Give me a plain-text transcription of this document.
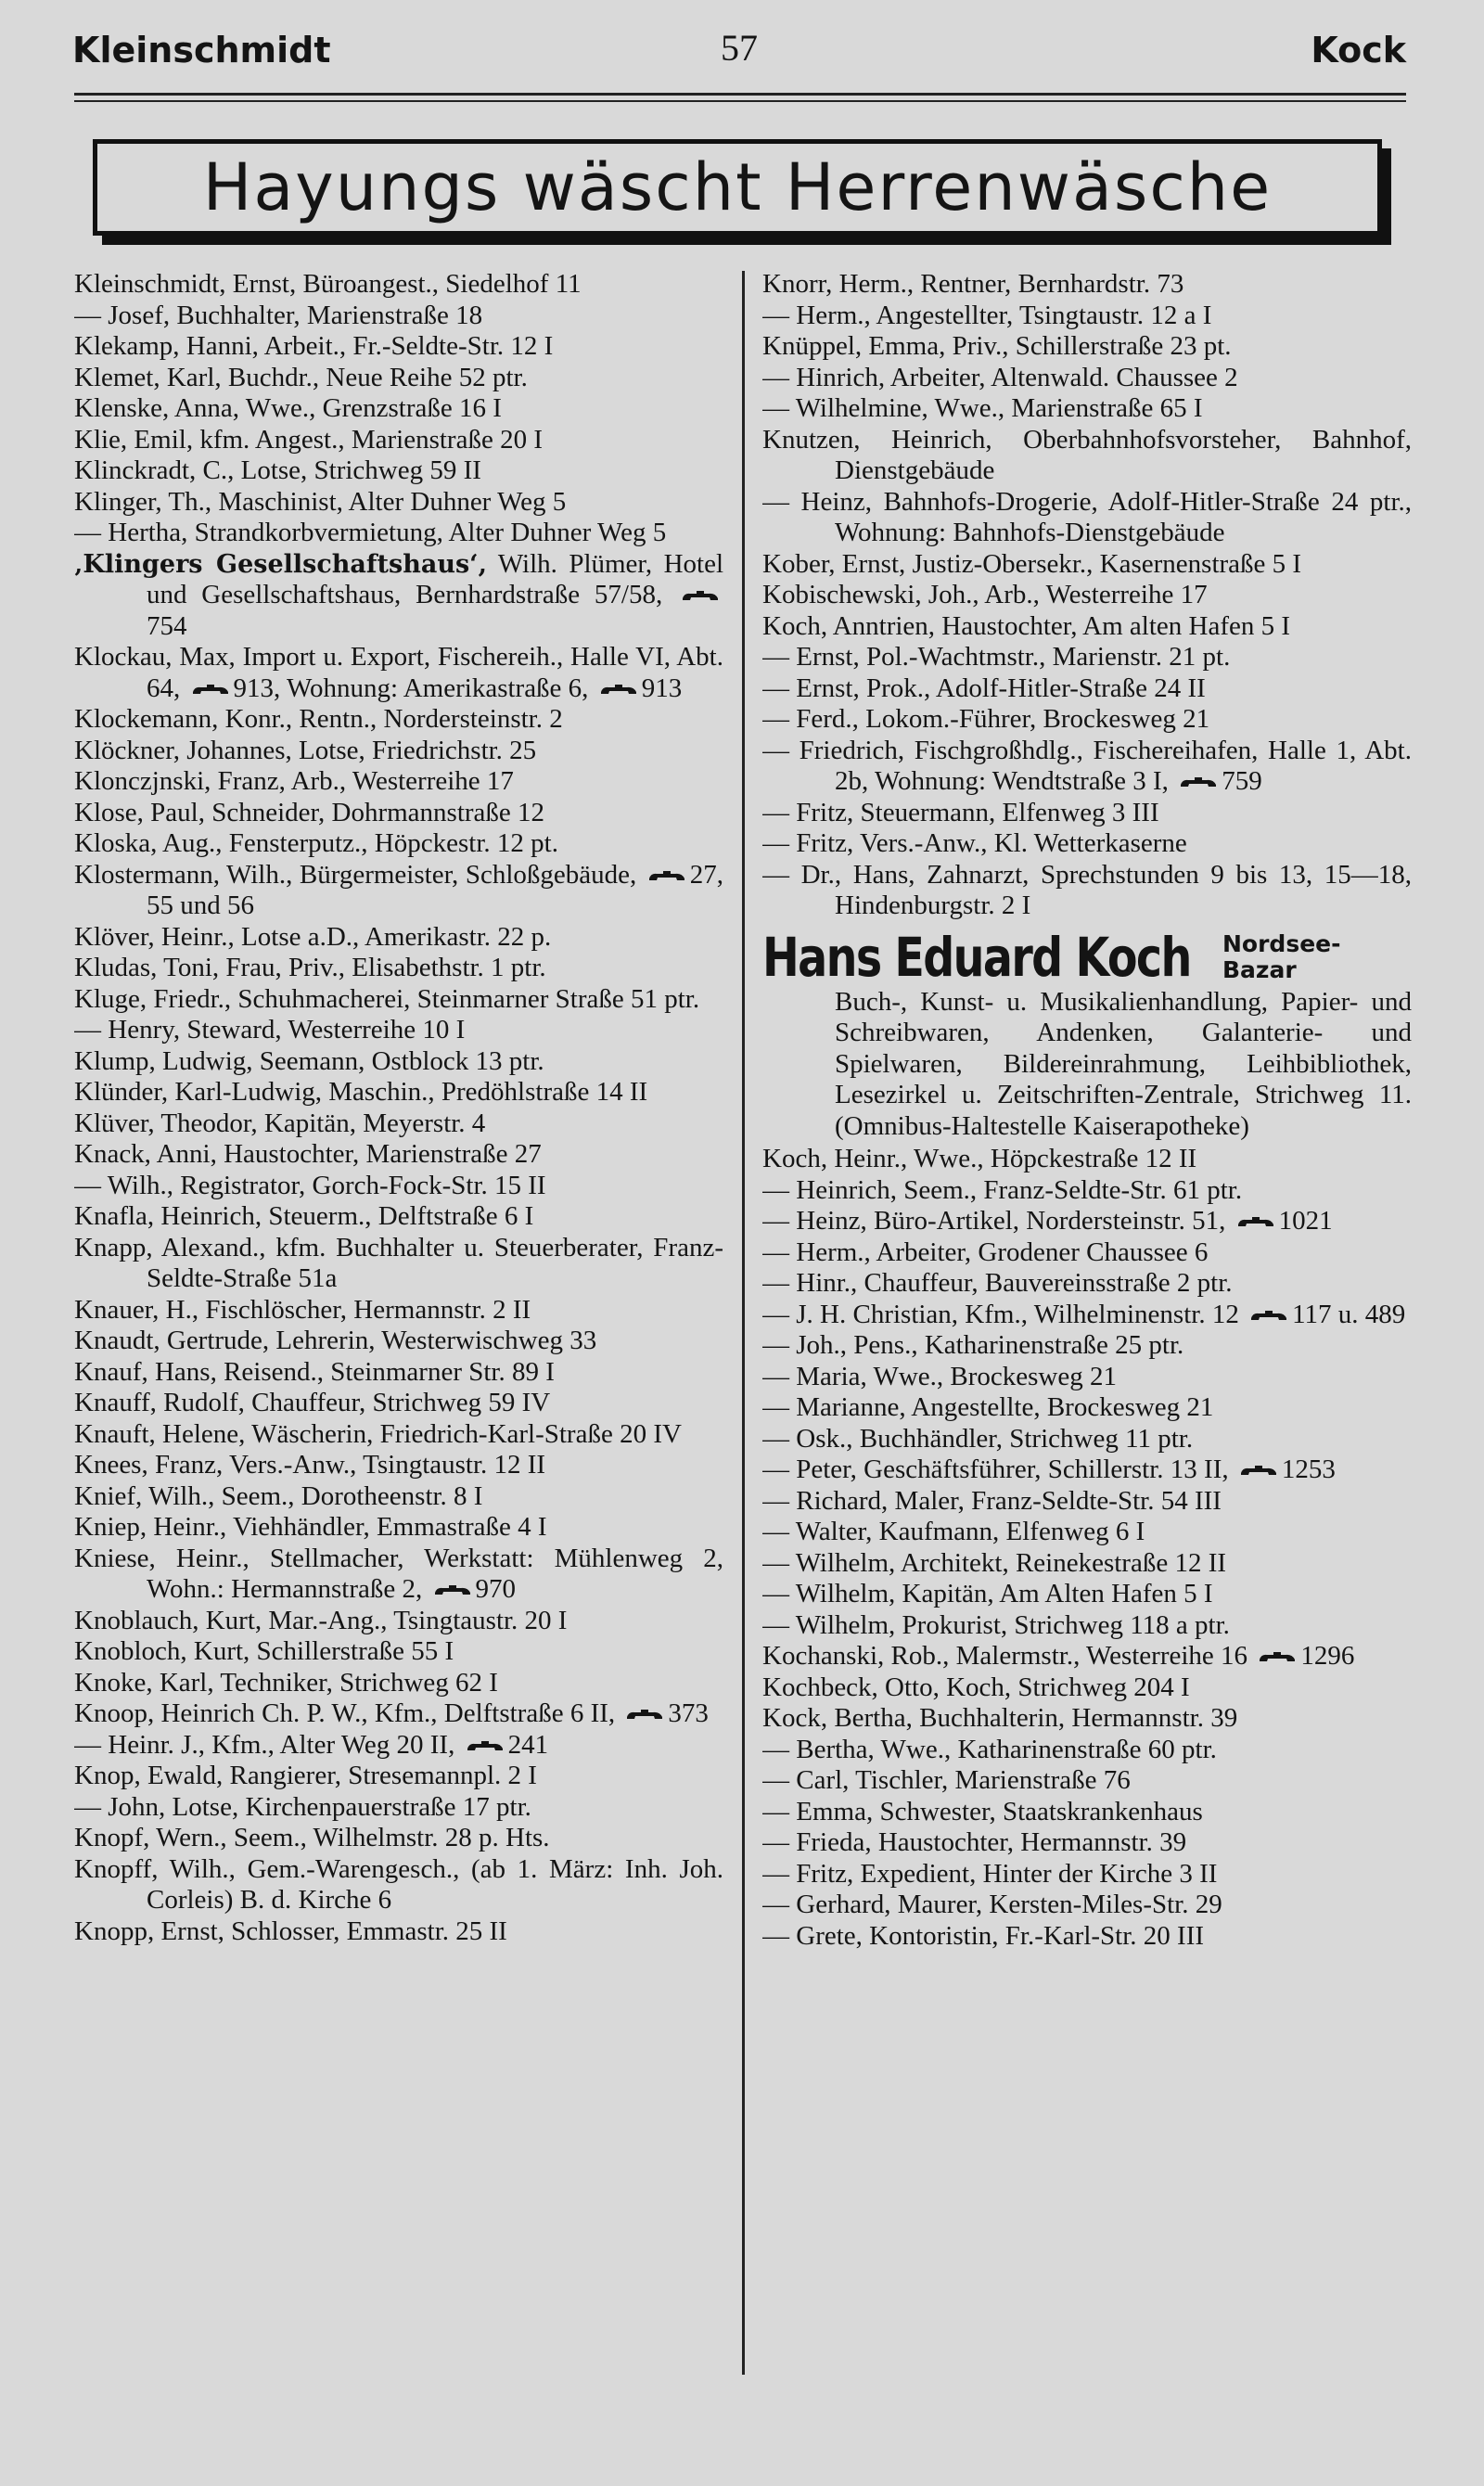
Kleinschmidt	57	Kock
Hayungs wäscht Herrenwäsche
Kleinschmidt, Ernst, Büroangest., Siedelhof 11
— Josef, Buchhalter, Marienstraße 18
Klekamp, Hanni, Arbeit., Fr.-Seldte-Str. 12 I
Klemet, Karl, Buchdr., Neue Reihe 52 ptr.
Klenske, Anna, Wwe., Grenzstraße 16 I
Klie, Emil, kfm. Angest., Marienstraße 20 I
Klinckradt, C., Lotse, Strichweg 59 II
Klinger, Th., Maschinist, Alter Duhner Weg 5
— Hertha, Strandkorbvermietung, Alter Duhner Weg 5
‚Klingers Gesellschaftshaus‘, Wilh. Plümer, Hotel und Gesellschaftshaus, Bernhardstraße 57/58, 754
Klockau, Max, Import u. Export, Fischereih., Halle VI, Abt. 64, 913, Wohnung: Amerikastraße 6, 913
Klockemann, Konr., Rentn., Nordersteinstr. 2
Klöckner, Johannes, Lotse, Friedrichstr. 25
Klonczjnski, Franz, Arb., Westerreihe 17
Klose, Paul, Schneider, Dohrmannstraße 12
Kloska, Aug., Fensterputz., Höpckestr. 12 pt.
Klostermann, Wilh., Bürgermeister, Schloßgebäude, 27, 55 und 56
Klöver, Heinr., Lotse a.D., Amerikastr. 22 p.
Kludas, Toni, Frau, Priv., Elisabethstr. 1 ptr.
Kluge, Friedr., Schuhmacherei, Steinmarner Straße 51 ptr.
— Henry, Steward, Westerreihe 10 I
Klump, Ludwig, Seemann, Ostblock 13 ptr.
Klünder, Karl-Ludwig, Maschin., Predöhlstraße 14 II
Klüver, Theodor, Kapitän, Meyerstr. 4
Knack, Anni, Haustochter, Marienstraße 27
— Wilh., Registrator, Gorch-Fock-Str. 15 II
Knafla, Heinrich, Steuerm., Delftstraße 6 I
Knapp, Alexand., kfm. Buchhalter u. Steuerberater, Franz-Seldte-Straße 51a
Knauer, H., Fischlöscher, Hermannstr. 2 II
Knaudt, Gertrude, Lehrerin, Westerwischweg 33
Knauf, Hans, Reisend., Steinmarner Str. 89 I
Knauff, Rudolf, Chauffeur, Strichweg 59 IV
Knauft, Helene, Wäscherin, Friedrich-Karl-Straße 20 IV
Knees, Franz, Vers.-Anw., Tsingtaustr. 12 II
Knief, Wilh., Seem., Dorotheenstr. 8 I
Kniep, Heinr., Viehhändler, Emmastraße 4 I
Kniese, Heinr., Stellmacher, Werkstatt: Mühlenweg 2, Wohn.: Hermannstraße 2, 970
Knoblauch, Kurt, Mar.-Ang., Tsingtaustr. 20 I
Knobloch, Kurt, Schillerstraße 55 I
Knoke, Karl, Techniker, Strichweg 62 I
Knoop, Heinrich Ch. P. W., Kfm., Delftstraße 6 II, 373
— Heinr. J., Kfm., Alter Weg 20 II, 241
Knop, Ewald, Rangierer, Stresemannpl. 2 I
— John, Lotse, Kirchenpauerstraße 17 ptr.
Knopf, Wern., Seem., Wilhelmstr. 28 p. Hts.
Knopff, Wilh., Gem.-Warengesch., (ab 1. März: Inh. Joh. Corleis) B. d. Kirche 6
Knopp, Ernst, Schlosser, Emmastr. 25 II
Knorr, Herm., Rentner, Bernhardstr. 73
— Herm., Angestellter, Tsingtaustr. 12 a I
Knüppel, Emma, Priv., Schillerstraße 23 pt.
— Hinrich, Arbeiter, Altenwald. Chaussee 2
— Wilhelmine, Wwe., Marienstraße 65 I
Knutzen, Heinrich, Oberbahnhofsvorsteher, Bahnhof, Dienstgebäude
— Heinz, Bahnhofs-Drogerie, Adolf-Hitler-Straße 24 ptr., Wohnung: Bahnhofs-Dienstgebäude
Kober, Ernst, Justiz-Obersekr., Kasernenstraße 5 I
Kobischewski, Joh., Arb., Westerreihe 17
Koch, Anntrien, Haustochter, Am alten Hafen 5 I
— Ernst, Pol.-Wachtmstr., Marienstr. 21 pt.
— Ernst, Prok., Adolf-Hitler-Straße 24 II
— Ferd., Lokom.-Führer, Brockesweg 21
— Friedrich, Fischgroßhdlg., Fischereihafen, Halle 1, Abt. 2b, Wohnung: Wendtstraße 3 I, 759
— Fritz, Steuermann, Elfenweg 3 III
— Fritz, Vers.-Anw., Kl. Wetterkaserne
— Dr., Hans, Zahnarzt, Sprechstunden 9 bis 13, 15—18, Hindenburgstr. 2 I
Hans Eduard Koch Nordsee-Bazar
Buch-, Kunst- u. Musikalienhandlung, Papier- und Schreibwaren, Andenken, Galanterie- und Spielwaren, Bildereinrahmung, Leihbibliothek, Lesezirkel u. Zeitschriften-Zentrale, Strichweg 11. (Omnibus-Haltestelle Kaiserapotheke)
Koch, Heinr., Wwe., Höpckestraße 12 II
— Heinrich, Seem., Franz-Seldte-Str. 61 ptr.
— Heinz, Büro-Artikel, Nordersteinstr. 51, 1021
— Herm., Arbeiter, Grodener Chaussee 6
— Hinr., Chauffeur, Bauvereinsstraße 2 ptr.
— J. H. Christian, Kfm., Wilhelminenstr. 12 117 u. 489
— Joh., Pens., Katharinenstraße 25 ptr.
— Maria, Wwe., Brockesweg 21
— Marianne, Angestellte, Brockesweg 21
— Osk., Buchhändler, Strichweg 11 ptr.
— Peter, Geschäftsführer, Schillerstr. 13 II, 1253
— Richard, Maler, Franz-Seldte-Str. 54 III
— Walter, Kaufmann, Elfenweg 6 I
— Wilhelm, Architekt, Reinekestraße 12 II
— Wilhelm, Kapitän, Am Alten Hafen 5 I
— Wilhelm, Prokurist, Strichweg 118 a ptr.
Kochanski, Rob., Malermstr., Westerreihe 16 1296
Kochbeck, Otto, Koch, Strichweg 204 I
Kock, Bertha, Buchhalterin, Hermannstr. 39
— Bertha, Wwe., Katharinenstraße 60 ptr.
— Carl, Tischler, Marienstraße 76
— Emma, Schwester, Staatskrankenhaus
— Frieda, Haustochter, Hermannstr. 39
— Fritz, Expedient, Hinter der Kirche 3 II
— Gerhard, Maurer, Kersten-Miles-Str. 29
— Grete, Kontoristin, Fr.-Karl-Str. 20 III
